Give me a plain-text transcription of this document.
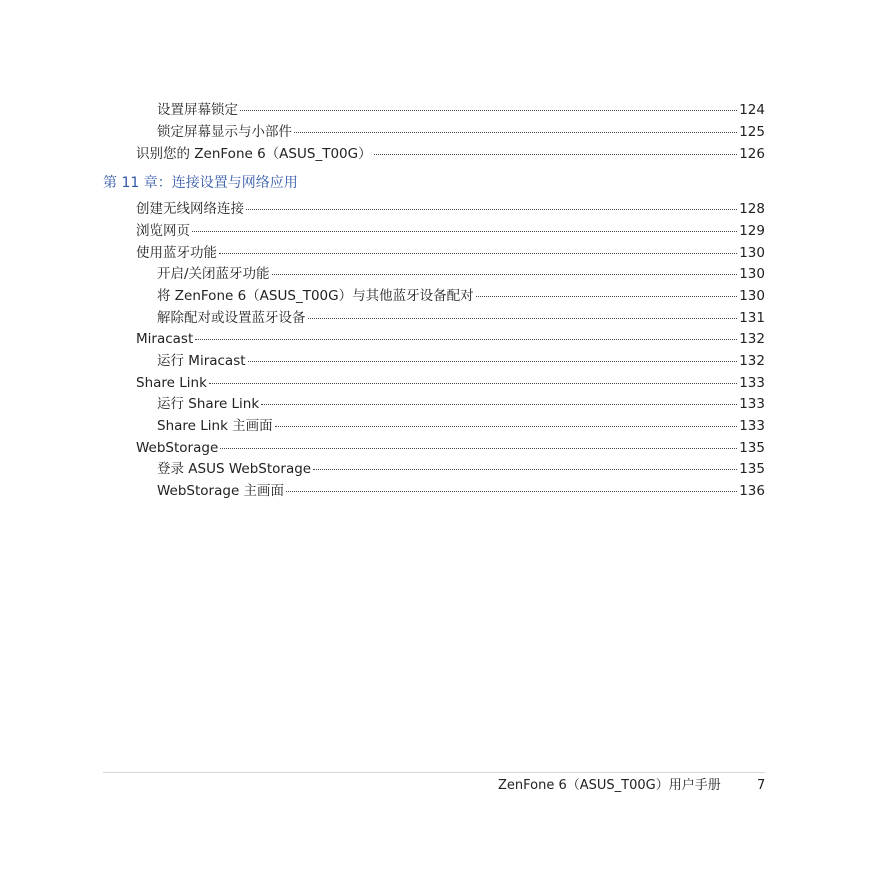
设置屏幕锁定	124
锁定屏幕显示与小部件	125
识别您的 ZenFone 6（ASUS_T00G）	126
第 11 章：连接设置与网络应用
创建无线网络连接	128
浏览网页	129
使用蓝牙功能	130
开启/关闭蓝牙功能	130
将 ZenFone 6（ASUS_T00G）与其他蓝牙设备配对	130
解除配对或设置蓝牙设备	131
Miracast	132
运行 Miracast	132
Share Link	133
运行 Share Link	133
Share Link 主画面	133
WebStorage	135
登录 ASUS WebStorage	135
WebStorage 主画面	136
ZenFone 6（ASUS_T00G）用户手册	7
